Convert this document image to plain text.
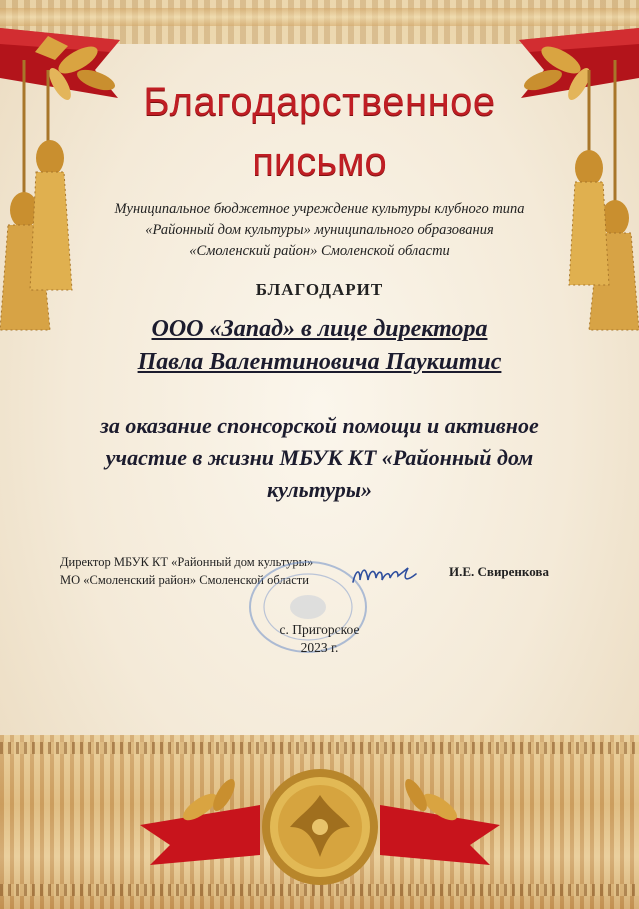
Благодарственное
письмо
Муниципальное бюджетное учреждение культуры клубного типа
«Районный дом культуры» муниципального образования
«Смоленский район» Смоленской области
БЛАГОДАРИТ
ООО «Запад» в лице директора
Павла Валентиновича Паукштис
за оказание спонсорской помощи и активное
участие в жизни МБУК КТ «Районный дом
культуры»
Директор МБУК КТ «Районный дом культуры»
МО «Смоленский район» Смоленской области
И.Е. Свиренкова
с. Пригорское
2023 г.
